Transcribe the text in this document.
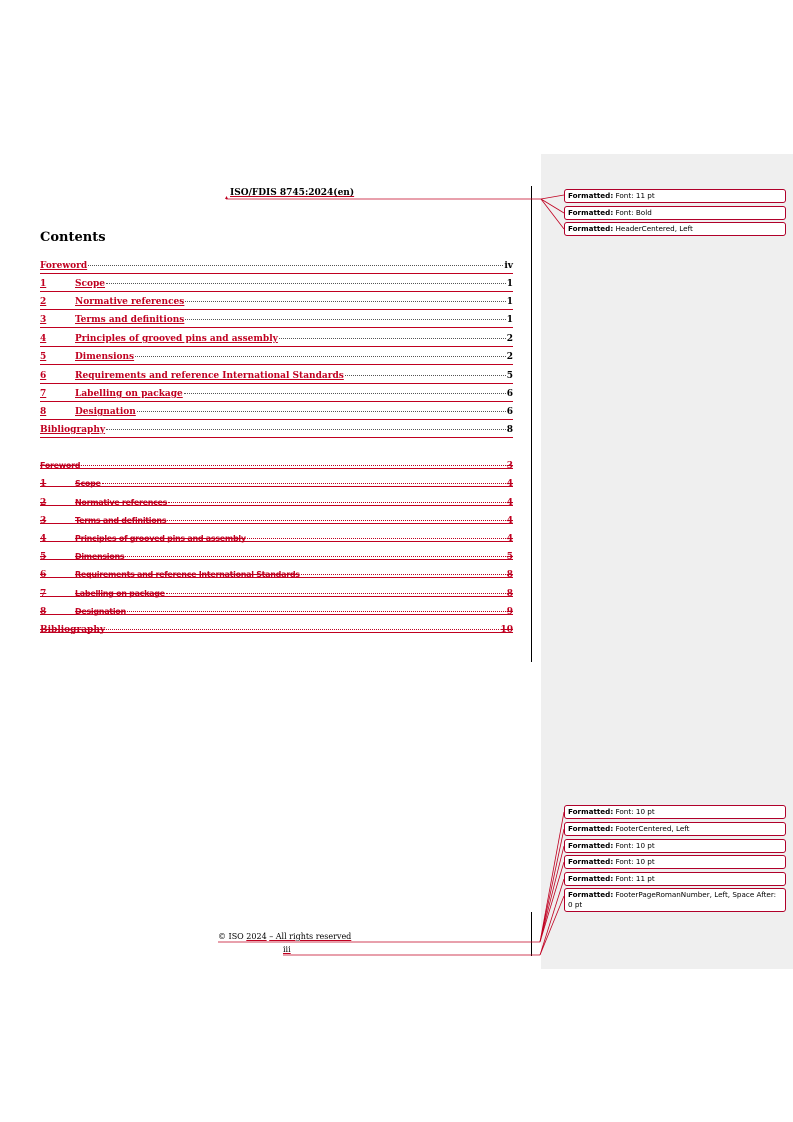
$_▴$ ISO/FDIS 8745:2024(en)
Contents
Foreword	iv
1	Scope	1
2	Normative references	1
3	Terms and definitions	1
4	Principles of grooved pins and assembly	2
5	Dimensions	2
6	Requirements and reference International Standards	5
7	Labelling on package	6
8	Designation	6
Bibliography	8
Foreword	3
1	Scope	4
2	Normative references	4
3	Terms and definitions	4
4	Principles of grooved pins and assembly	4
5	Dimensions	5
6	Requirements and reference International Standards	8
7	Labelling on package	8
8	Designation	9
Bibliography	10
© ISO 2024 – All rights reserved
iii
Formatted: Font: 11 pt
Formatted: Font: Bold
Formatted: HeaderCentered, Left
Formatted: Font: 10 pt
Formatted: FooterCentered, Left
Formatted: Font: 10 pt
Formatted: Font: 10 pt
Formatted: Font: 11 pt
Formatted: FooterPageRomanNumber, Left, Space After: 0 pt
